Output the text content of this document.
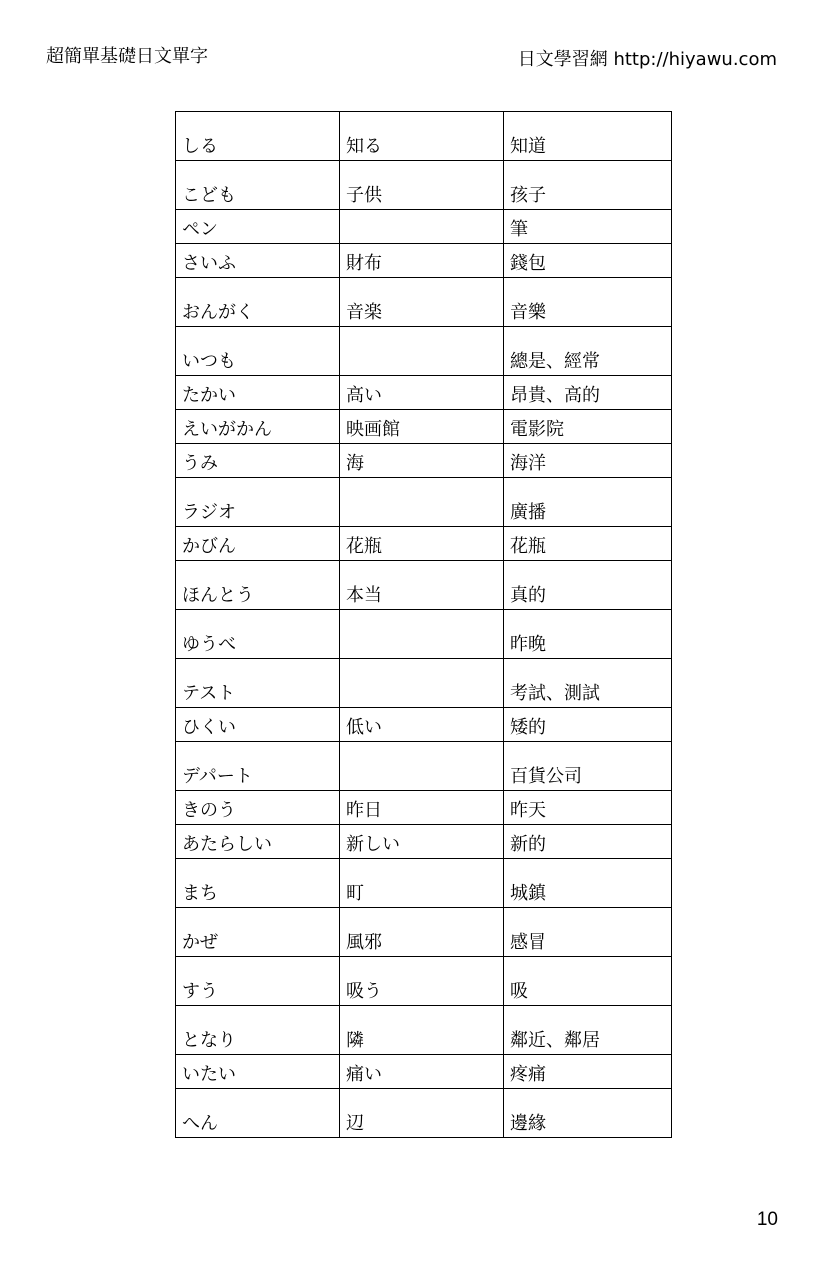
超簡單基礎日文單字	日文學習網 http://hiyawu.com
しる	知る	知道
こども	子供	孩子
ペン		筆
さいふ	財布	錢包
おんがく	音楽	音樂
いつも		總是、經常
たかい	高い	昂貴、高的
えいがかん	映画館	電影院
うみ	海	海洋
ラジオ		廣播
かびん	花瓶	花瓶
ほんとう	本当	真的
ゆうべ		昨晚
テスト		考試、測試
ひくい	低い	矮的
デパート		百貨公司
きのう	昨日	昨天
あたらしい	新しい	新的
まち	町	城鎮
かぜ	風邪	感冒
すう	吸う	吸
となり	隣	鄰近、鄰居
いたい	痛い	疼痛
へん	辺	邊緣
10
